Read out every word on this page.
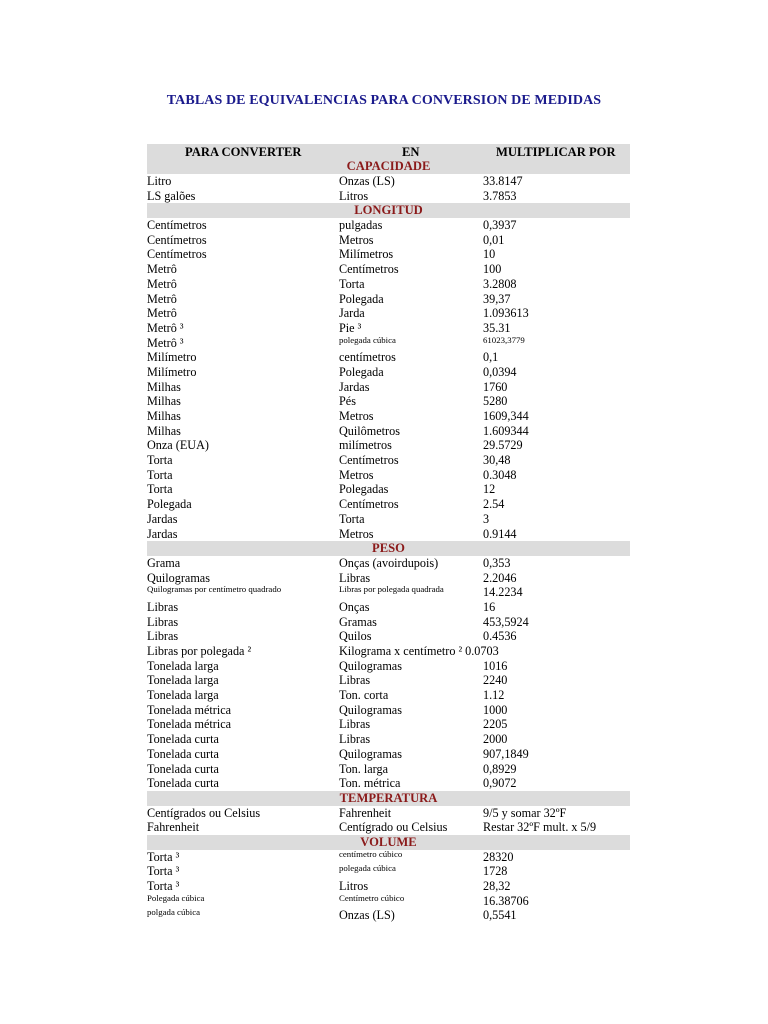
TABLAS DE EQUIVALENCIAS PARA CONVERSION DE MEDIDAS
PARA CONVERTER	EN	MULTIPLICAR POR
CAPACIDADE
Litro	Onzas (LS)	33.8147
LS galões	Litros	3.7853
LONGITUD
Centímetros	pulgadas	0,3937
Centímetros	Metros	0,01
Centímetros	Milímetros	10
Metrô	Centímetros	100
Metrô	Torta	3.2808
Metrô	Polegada	39,37
Metrô	Jarda	1.093613
Metrô ³	Pie ³	35.31
Metrô ³	polegada cúbica	61023,3779
Milímetro	centímetros	0,1
Milímetro	Polegada	0,0394
Milhas	Jardas	1760
Milhas	Pés	5280
Milhas	Metros	1609,344
Milhas	Quilômetros	1.609344
Onza (EUA)	milímetros	29.5729
Torta	Centímetros	30,48
Torta	Metros	0.3048
Torta	Polegadas	12
Polegada	Centímetros	2.54
Jardas	Torta	3
Jardas	Metros	0.9144
PESO
Grama	Onças (avoirdupois)	0,353
Quilogramas	Libras	2.2046
Quilogramas por centímetro quadrado	Libras por polegada quadrada	14.2234
Libras	Onças	16
Libras	Gramas	453,5924
Libras	Quilos	0.4536
Libras por polegada ²	Kilograma x centímetro ² 0.0703
Tonelada larga	Quilogramas	1016
Tonelada larga	Libras	2240
Tonelada larga	Ton. corta	1.12
Tonelada métrica	Quilogramas	1000
Tonelada métrica	Libras	2205
Tonelada curta	Libras	2000
Tonelada curta	Quilogramas	907,1849
Tonelada curta	Ton. larga	0,8929
Tonelada curta	Ton. métrica	0,9072
TEMPERATURA
Centígrados ou Celsius	Fahrenheit	9/5 y somar 32ºF
Fahrenheit	Centígrado ou Celsius	Restar 32ºF mult. x 5/9
VOLUME
Torta ³	centímetro cúbico	28320
Torta ³	polegada cúbica	1728
Torta ³	Litros	28,32
Polegada cúbica	Centímetro cúbico	16.38706
polgada cúbica	Onzas (LS)	0,5541
